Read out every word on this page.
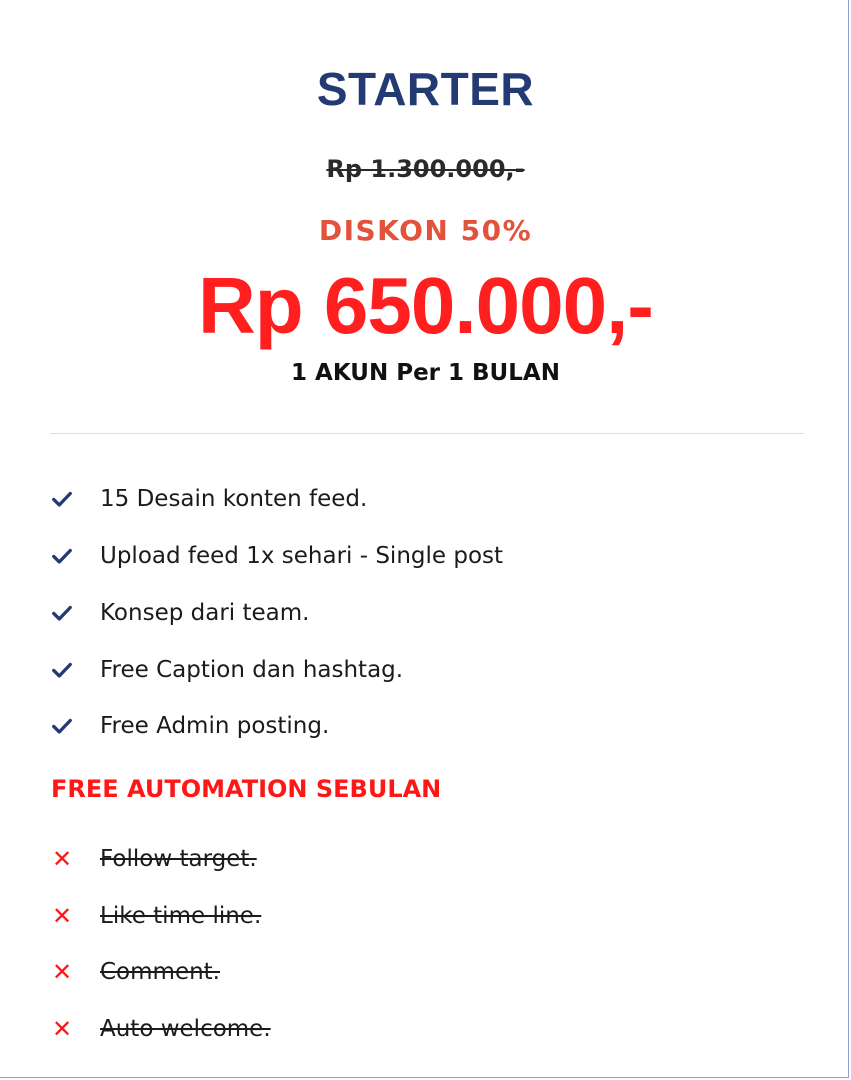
STARTER
Rp 1.300.000,-
DISKON 50%
Rp 650.000,-
1 AKUN Per 1 BULAN
15 Desain konten feed.
Upload feed 1x sehari - Single post
Konsep dari team.
Free Caption dan hashtag.
Free Admin posting.
FREE AUTOMATION SEBULAN
✕ Follow target.
✕ Like time line.
✕ Comment.
✕ Auto welcome.
